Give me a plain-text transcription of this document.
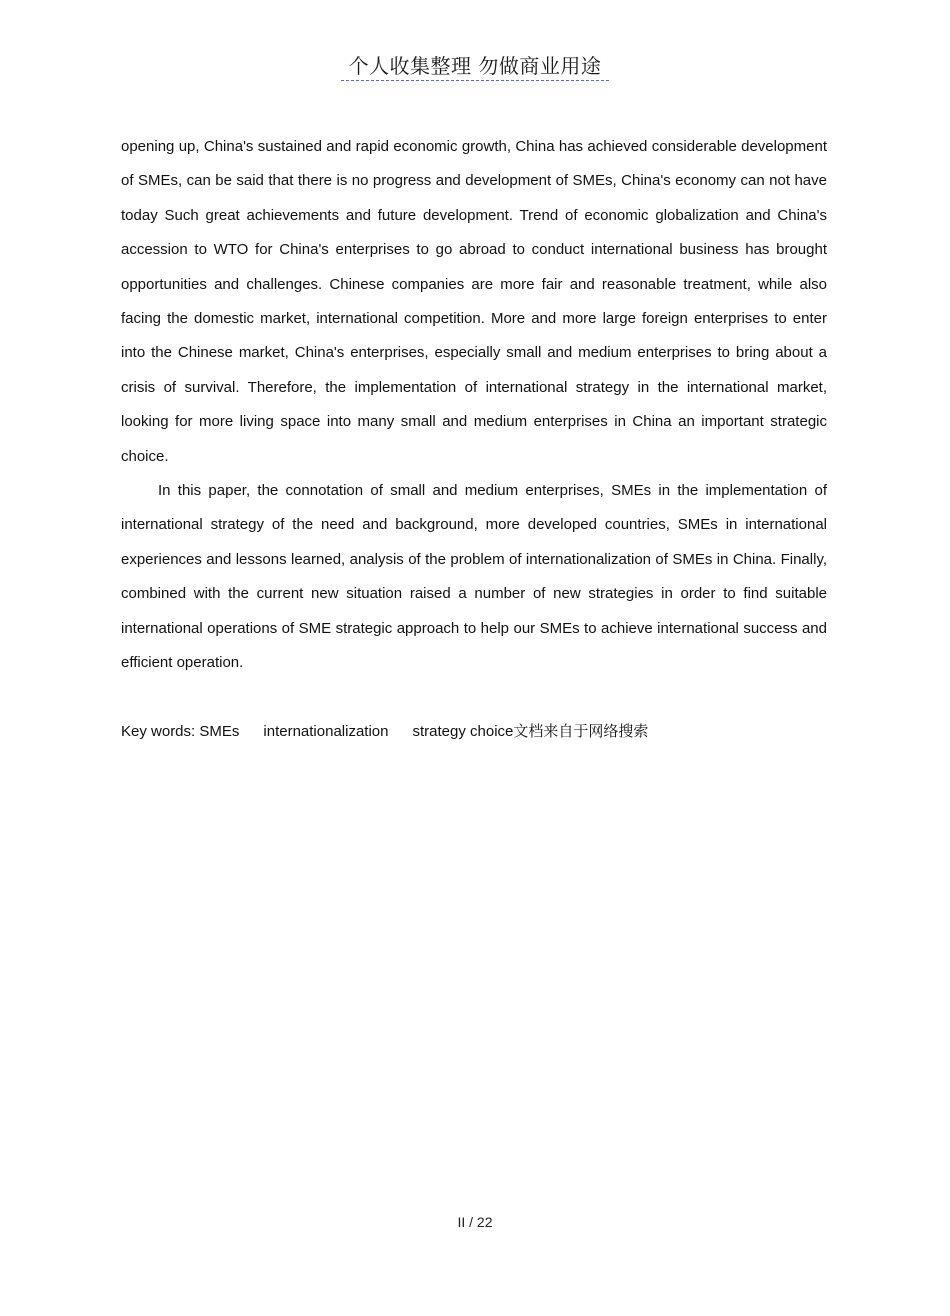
个人收集整理 勿做商业用途

opening up, China's sustained and rapid economic growth, China has achieved considerable development of SMEs, can be said that there is no progress and development of SMEs, China's economy can not have today Such great achievements and future development. Trend of economic globalization and China's accession to WTO for China's enterprises to go abroad to conduct international business has brought opportunities and challenges. Chinese companies are more fair and reasonable treatment, while also facing the domestic market, international competition. More and more large foreign enterprises to enter into the Chinese market, China's enterprises, especially small and medium enterprises to bring about a crisis of survival. Therefore, the implementation of international strategy in the international market, looking for more living space into many small and medium enterprises in China an important strategic choice.

In this paper, the connotation of small and medium enterprises, SMEs in the implementation of international strategy of the need and background, more developed countries, SMEs in international experiences and lessons learned, analysis of the problem of internationalization of SMEs in China. Finally, combined with the current new situation raised a number of new strategies in order to find suitable international operations of SME strategic approach to help our SMEs to achieve international success and efficient operation.

Key words: SMEs internationalization strategy choice文档来自于网络搜索
II / 22
